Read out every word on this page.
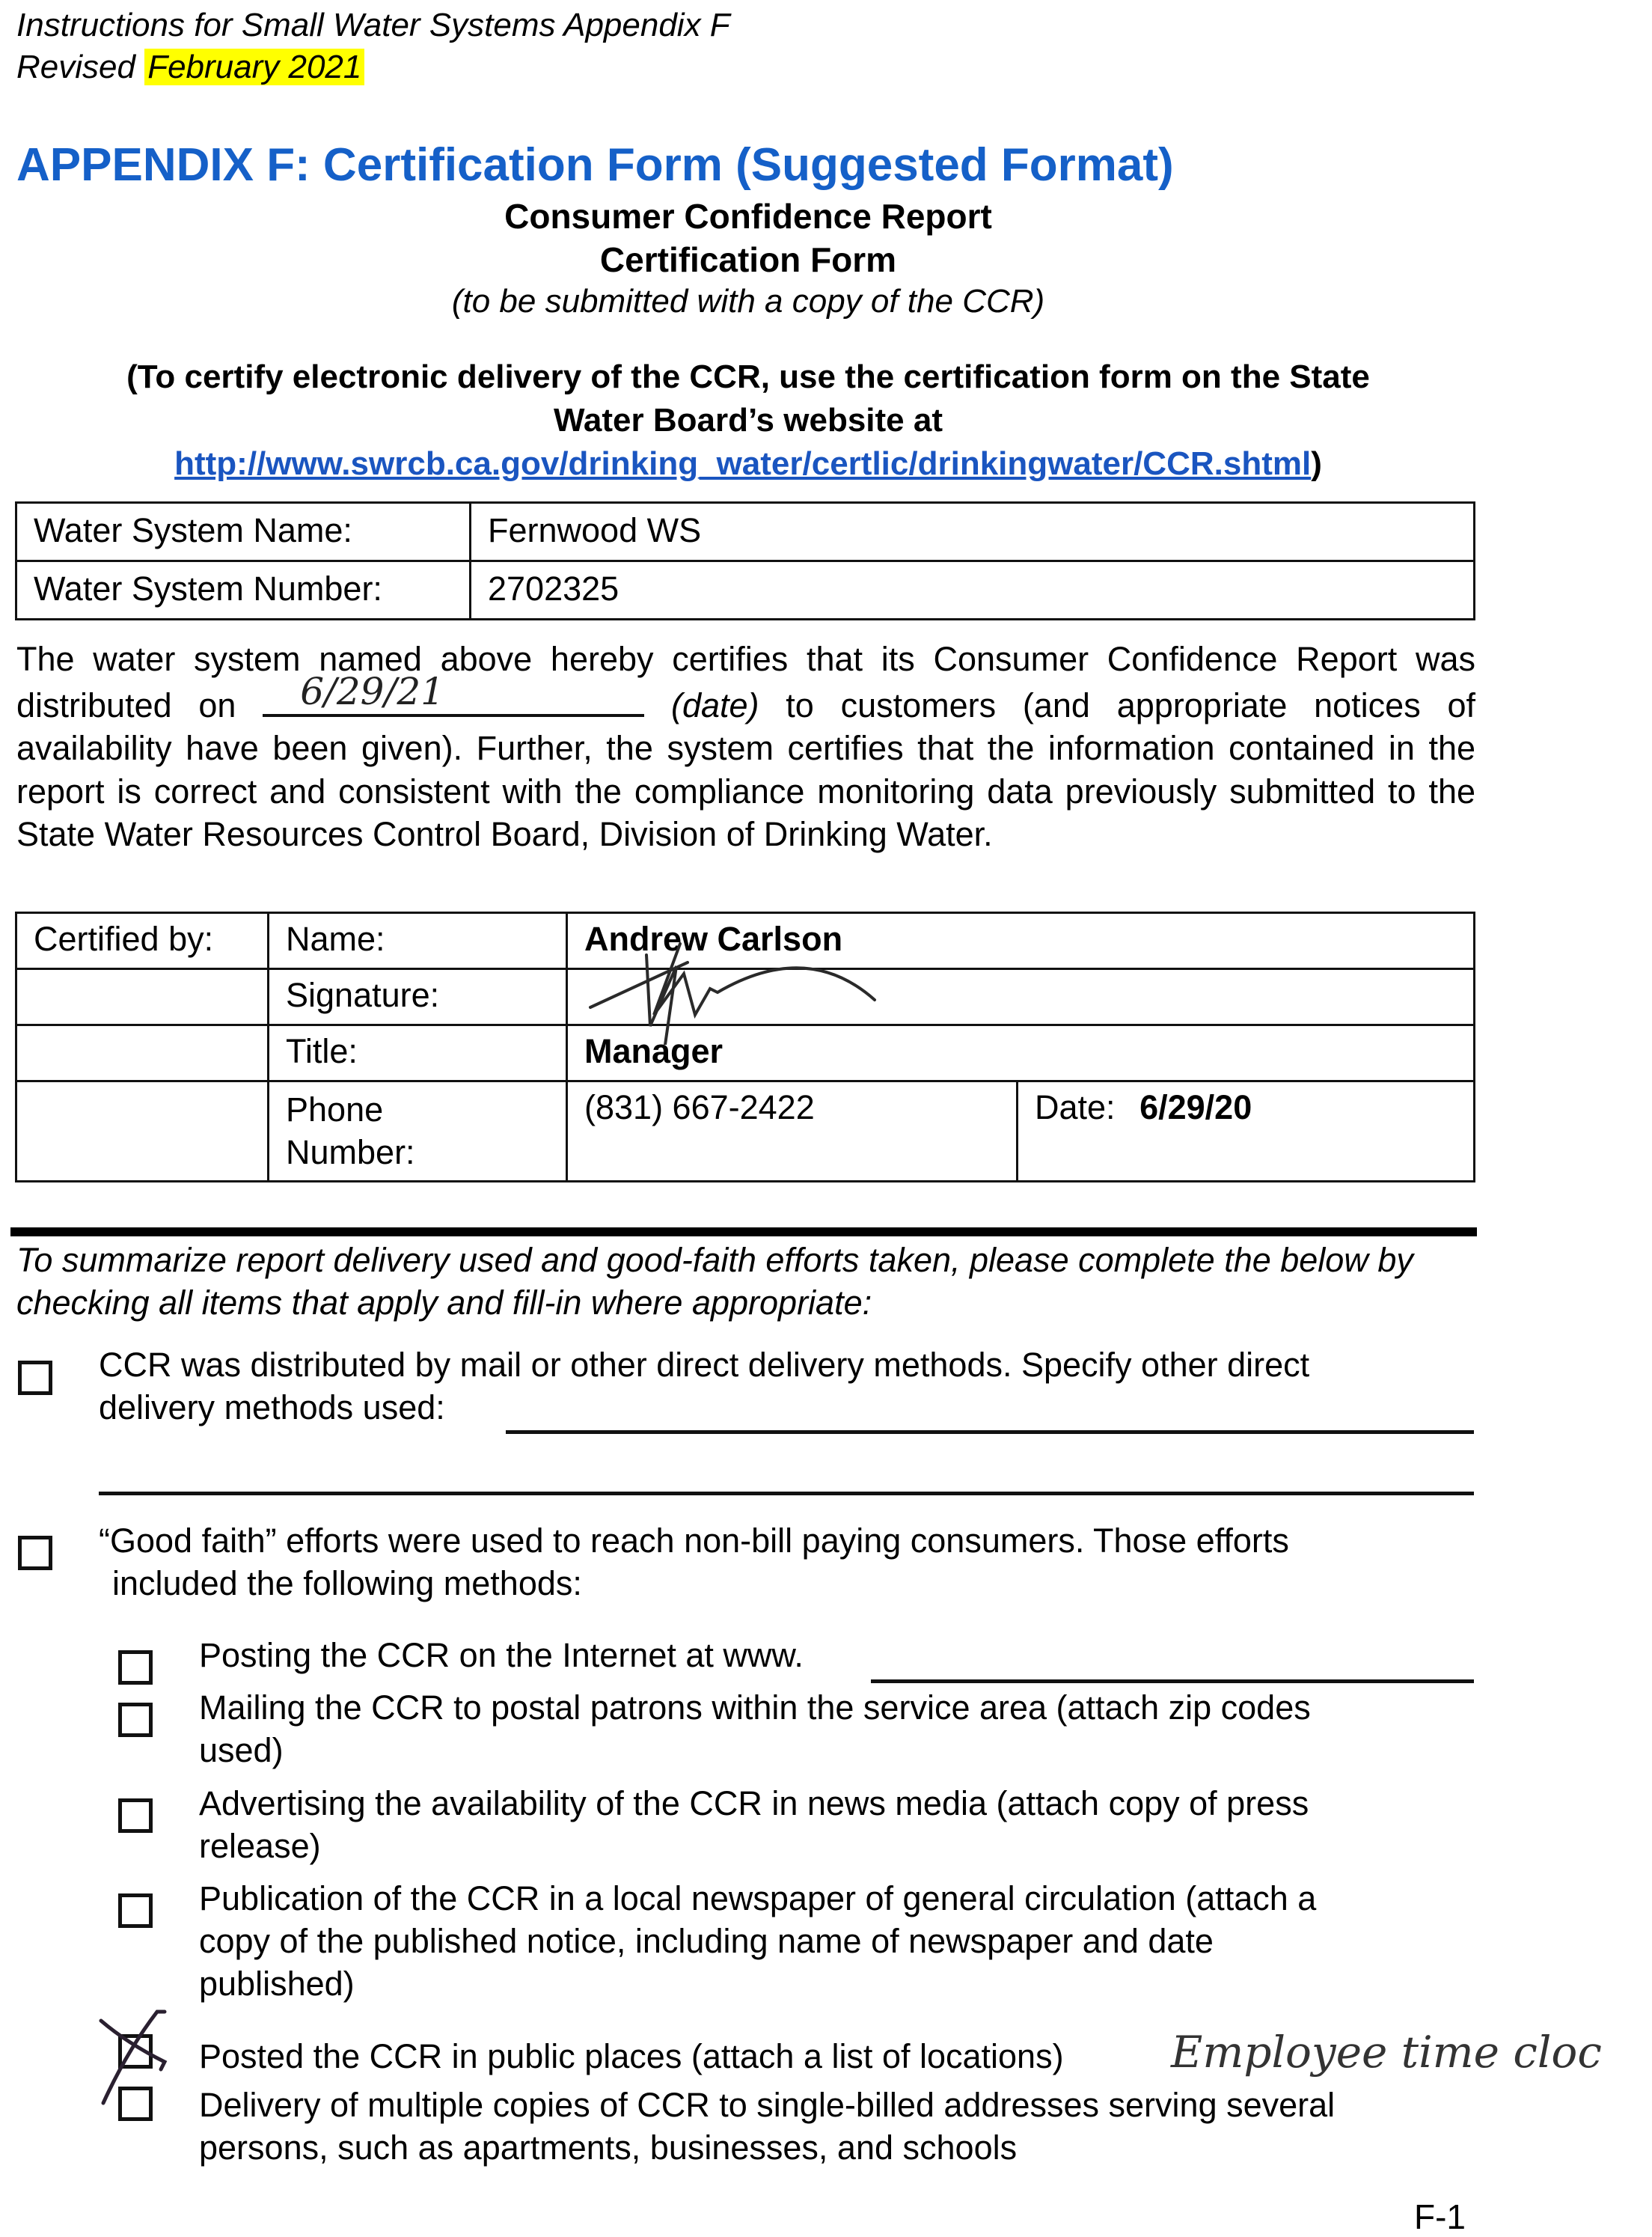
Instructions for Small Water Systems Appendix F
Revised February 2021
APPENDIX F: Certification Form (Suggested Format)
Consumer Confidence Report
Certification Form
(to be submitted with a copy of the CCR)
(To certify electronic delivery of the CCR, use the certification form on the State
Water Board’s website at
http://www.swrcb.ca.gov/drinking_water/certlic/drinkingwater/CCR.shtml)
Water System Name:	Fernwood WS
Water System Number:	2702325
The water system named above hereby certifies that its Consumer Confidence Report was distributed on 6/29/21	(date) to customers (and appropriate notices of availability have been given). Further, the system certifies that the information contained in the report is correct and consistent with the compliance monitoring data previously submitted to the State Water Resources Control Board, Division of Drinking Water.
Certified by:	Name:	Andrew Carlson	
	Signature:	

	Title:	Manager	

	Phone
Number:	(831) 667-2422	Date: 6/29/20
To summarize report delivery used and good-faith efforts taken, please complete the below by checking all items that apply and fill-in where appropriate:
CCR was distributed by mail or other direct delivery methods. Specify other direct
delivery methods used:
“Good faith” efforts were used to reach non-bill paying consumers. Those efforts
included the following methods:
Posting the CCR on the Internet at www.
Mailing the CCR to postal patrons within the service area (attach zip codes
used)
Advertising the availability of the CCR in news media (attach copy of press
release)
Publication of the CCR in a local newspaper of general circulation (attach a
copy of the published notice, including name of newspaper and date
published)
Posted the CCR in public places (attach a list of locations) Employee time cloc
Delivery of multiple copies of CCR to single-billed addresses serving several
persons, such as apartments, businesses, and schools
F-1
